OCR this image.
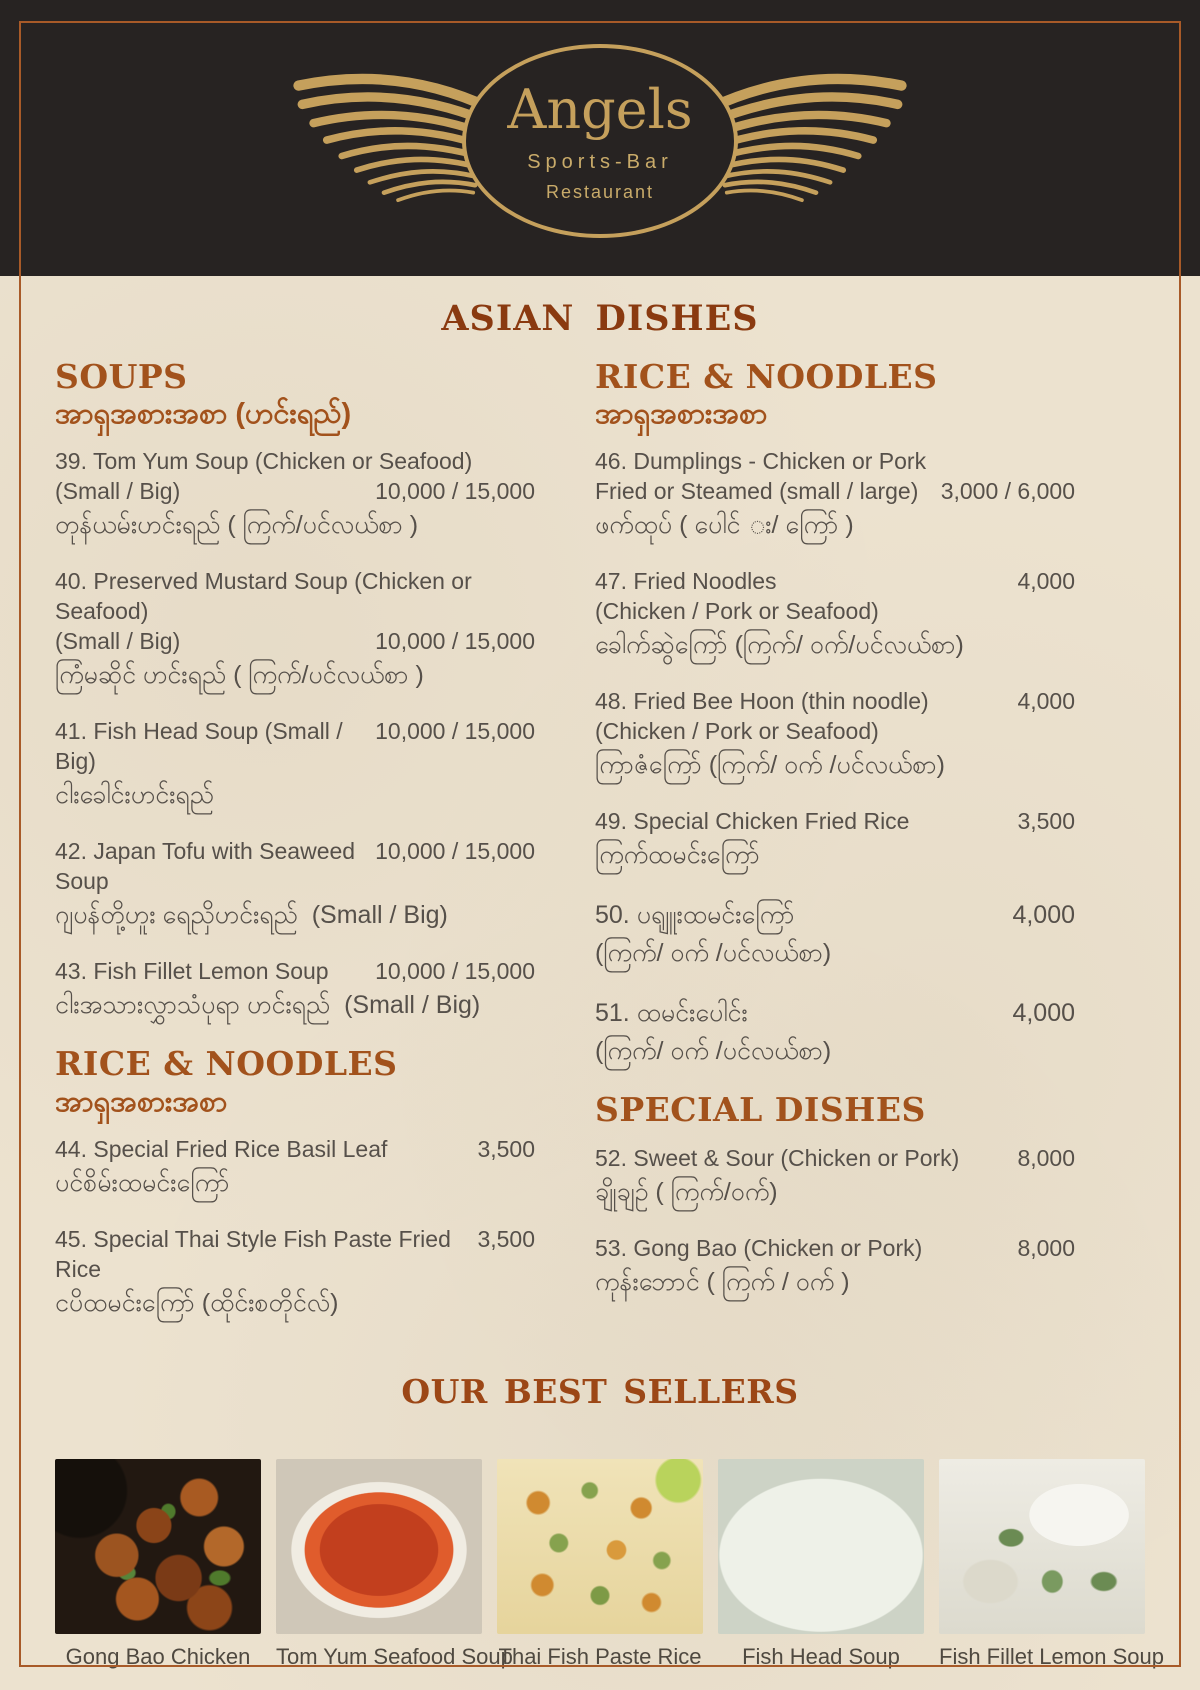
Angels
Sports-Bar
Restaurant
ASIAN DISHES
SOUPS
အာရှအစားအစာ (ဟင်းရည်)
39. Tom Yum Soup (Chicken or Seafood)
(Small / Big)	10,000 / 15,000
တုန်ယမ်းဟင်းရည် ( ကြက်/ပင်လယ်စာ )
40. Preserved Mustard Soup (Chicken or Seafood)
(Small / Big)	10,000 / 15,000
ကြံမဆိုင် ဟင်းရည် ( ကြက်/ပင်လယ်စာ )
41. Fish Head Soup (Small / Big)
10,000 / 15,000
ငါးခေါင်းဟင်းရည်
42. Japan Tofu with Seaweed Soup
10,000 / 15,000
ဂျပန်တို့ဟူး ရေညှိဟင်းရည်  (Small / Big)
43. Fish Fillet Lemon Soup 10,000 / 15,000
ငါးအသားလွှာသံပုရာ ဟင်းရည်  (Small / Big)
RICE & NOODLES
အာရှအစားအစာ
44. Special Fried Rice Basil Leaf	3,500
ပင်စိမ်းထမင်းကြော်
45. Special Thai Style Fish Paste Fried Rice
3,500
ငပိထမင်းကြော် (ထိုင်းစတိုင်လ်)
RICE & NOODLES
အာရှအစားအစာ
46. Dumplings - Chicken or Pork
Fried or Steamed (small / large) 3,000 / 6,000
ဖက်ထုပ် ( ပေါင် း/ ကြော် )
47. Fried Noodles	4,000
(Chicken / Pork or Seafood)
ခေါက်ဆွဲကြော် (ကြက်/ ဝက်/ပင်လယ်စာ)
48. Fried Bee Hoon (thin noodle)	4,000
(Chicken / Pork or Seafood)
ကြာဇံကြော် (ကြက်/ ဝက် /ပင်လယ်စာ)
49. Special Chicken Fried Rice	3,500
ကြက်ထမင်းကြော်
50. ပရျူးထမင်းကြော်	4,000
(ကြက်/ ဝက် /ပင်လယ်စာ)
51. ထမင်းပေါင်း	4,000
(ကြက်/ ဝက် /ပင်လယ်စာ)
SPECIAL DISHES
52. Sweet & Sour (Chicken or Pork)	8,000
ချိုချဉ် ( ကြက်/ဝက်)
53. Gong Bao (Chicken or Pork)	8,000
ကုန်းဘောင် ( ကြက် / ဝက် )
OUR BEST SELLERS
Gong Bao Chicken	Tom Yum Seafood Soup
Thai Fish Paste Rice	Fish Head Soup	Fish Fillet Lemon Soup
